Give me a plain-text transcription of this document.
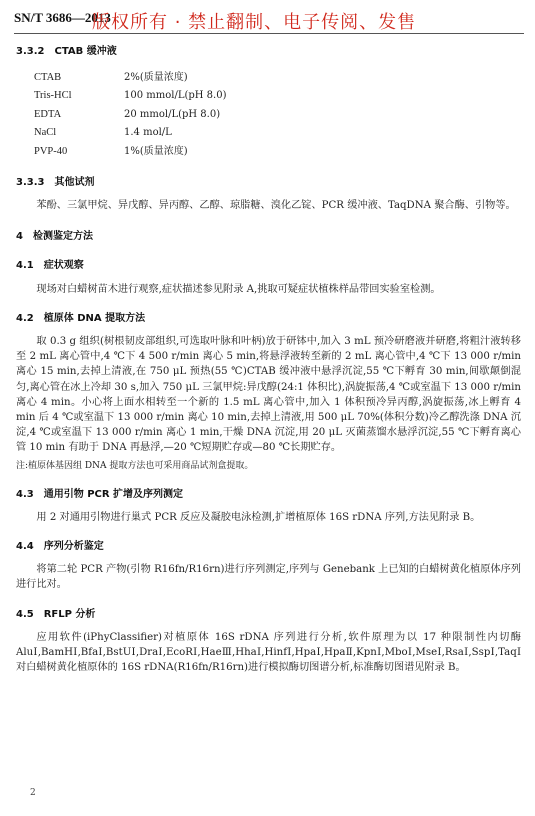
SN/T 3686—2013
版权所有 · 禁止翻制、电子传阅、发售
3.3.2 CTAB 缓冲液
CTAB	2%(质量浓度)
Tris-HCl	100 mmol/L(pH 8.0)
EDTA	20 mmol/L(pH 8.0)
NaCl	1.4 mol/L
PVP-40	1%(质量浓度)
3.3.3 其他试剂

苯酚、三氯甲烷、异戊醇、异丙醇、乙醇、琼脂糖、溴化乙锭、PCR 缓冲液、TaqDNA 聚合酶、引物等。

4 检测鉴定方法
4.1 症状观察

现场对白蜡树苗木进行观察,症状描述参见附录 A,挑取可疑症状植株样品带回实验室检测。

4.2 植原体 DNA 提取方法

取 0.3 g 组织(树根韧皮部组织,可选取叶脉和叶柄)放于研钵中,加入 3 mL 预冷研磨液并研磨,将粗汁液转移至 2 mL 离心管中,4 ℃下 4 500 r/min 离心 5 min,将悬浮液转至新的 2 mL 离心管中,4 ℃下 13 000 r/min 离心 15 min,去掉上清液,在 750 μL 预热(55 ℃)CTAB 缓冲液中悬浮沉淀,55 ℃下孵育 30 min,间歇颠倒混匀,离心管在冰上冷却 30 s,加入 750 μL 三氯甲烷:异戊醇(24:1 体积比),涡旋振荡,4 ℃或室温下 13 000 r/min 离心 4 min。小心将上面水相转至一个新的 1.5 mL 离心管中,加入 1 体积预冷异丙醇,涡旋振荡,冰上孵育 4 min 后 4 ℃或室温下 13 000 r/min 离心 10 min,去掉上清液,用 500 μL 70%(体积分数)冷乙醇洗涤 DNA 沉淀,4 ℃或室温下 13 000 r/min 离心 1 min,干燥 DNA 沉淀,用 20 μL 灭菌蒸馏水悬浮沉淀,55 ℃下孵育离心管 10 min 有助于 DNA 再悬浮,—20 ℃短期贮存或—80 ℃长期贮存。

注:植原体基因组 DNA 提取方法也可采用商品试剂盒提取。

4.3 通用引物 PCR 扩增及序列测定

用 2 对通用引物进行巢式 PCR 反应及凝胶电泳检测,扩增植原体 16S rDNA 序列,方法见附录 B。

4.4 序列分析鉴定

将第二轮 PCR 产物(引物 R16fn/R16rn)进行序列测定,序列与 Genebank 上已知的白蜡树黄化植原体序列进行比对。

4.5 RFLP 分析

应用软件(iPhyClassifier)对植原体 16S rDNA 序列进行分析,软件原理为以 17 种限制性内切酶 AluⅠ,BamHⅠ,BfaⅠ,BstUⅠ,DraⅠ,EcoRⅠ,HaeⅢ,HhaⅠ,HinfⅠ,HpaⅠ,HpaⅡ,KpnⅠ,MboⅠ,MseⅠ,RsaⅠ,SspⅠ,TaqⅠ对白蜡树黄化植原体的 16S rDNA(R16fn/R16rn)进行模拟酶切图谱分析,标准酶切图谱见附录 B。

2
